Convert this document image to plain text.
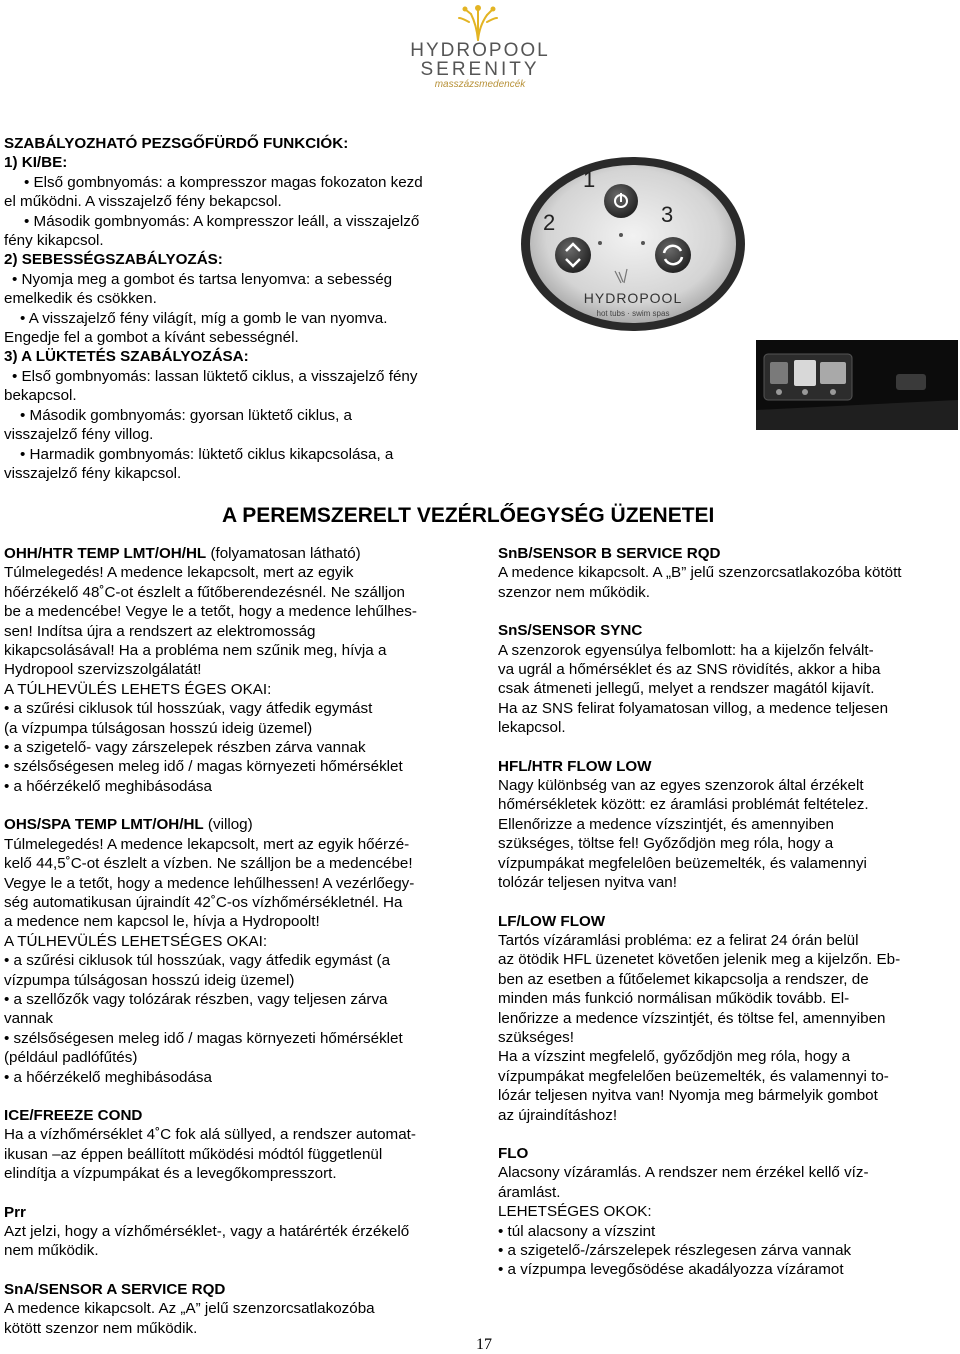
HYDROPOOL
SERENITY
masszázsmedencék

SZABÁLYOZHATÓ PEZSGŐFÜRDŐ FUNKCIÓK:

1) KI/BE:

• Első gombnyomás: a kompresszor magas fokozaton kezd

el működni. A visszajelző fény bekapcsol.

• Második gombnyomás: A kompresszor leáll, a visszajelző

fény kikapcsol.

2) SEBESSÉGSZABÁLYOZÁS:

• Nyomja meg a gombot és tartsa lenyomva: a sebesség

emelkedik és csökken.

• A visszajelző fény világít, míg a gomb le van nyomva.

Engedje fel a gombot a kívánt sebességnél.

3) A LÜKTETÉS SZABÁLYOZÁSA:

• Első gombnyomás: lassan lüktető ciklus, a visszajelző fény

bekapcsol.

• Második gombnyomás: gyorsan lüktető ciklus, a

visszajelző fény villog.

• Harmadik gombnyomás: lüktető ciklus kikapcsolása, a

visszajelző fény kikapcsol.

1
2	3
HYDROPOOL
hot tubs · swim spas
A PEREMSZERELT VEZÉRLŐEGYSÉG ÜZENETEI

OHH/HTR TEMP LMT/OH/HL (folyamatosan látható)

Túlmelegedés! A medence lekapcsolt, mert az egyik

hőérzékelő 48˚C-ot észlelt a fűtőberendezésnél. Ne szálljon

be a medencébe! Vegye le a tetőt, hogy a medence lehűlhes-

sen! Indítsa újra a rendszert az elektromosság

kikapcsolásával! Ha a probléma nem szűnik meg, hívja a

Hydropool szervizszolgálatát!

A TÚLHEVÜLÉS LEHETS ÉGES OKAI:

• a szűrési ciklusok túl hosszúak, vagy átfedik egymást

(a vízpumpa túlságosan hosszú ideig üzemel)

• a szigetelő- vagy zárszelepek részben zárva vannak

• szélsőségesen meleg idő / magas környezeti hőmérséklet

• a hőérzékelő meghibásodása

OHS/SPA TEMP LMT/OH/HL (villog)

Túlmelegedés! A medence lekapcsolt, mert az egyik hőérzé-

kelő 44,5˚C-ot észlelt a vízben. Ne szálljon be a medencébe!

Vegye le a tetőt, hogy a medence lehűlhessen! A vezérlőegy-

ség automatikusan újraindít 42˚C-os vízhőmérsékletnél. Ha

a medence nem kapcsol le, hívja a Hydropoolt!

A TÚLHEVÜLÉS LEHETSÉGES OKAI:

• a szűrési ciklusok túl hosszúak, vagy átfedik egymást (a

vízpumpa túlságosan hosszú ideig üzemel)

• a szellőzők vagy tolózárak részben, vagy teljesen zárva

vannak

• szélsőségesen meleg idő / magas környezeti hőmérséklet

(például padlófűtés)

• a hőérzékelő meghibásodása

ICE/FREEZE COND

Ha a vízhőmérséklet 4˚C fok alá süllyed, a rendszer automat-

ikusan –az éppen beállított működési módtól függetlenül

elindítja a vízpumpákat és a levegőkompresszort.

Prr

Azt jelzi, hogy a vízhőmérséklet-, vagy a határérték érzékelő

nem működik.

SnA/SENSOR A SERVICE RQD

A medence kikapcsolt. Az „A” jelű szenzorcsatlakozóba

kötött szenzor nem működik.

SnB/SENSOR B SERVICE RQD

A medence kikapcsolt. A „B” jelű szenzorcsatlakozóba kötött

szenzor nem működik.

SnS/SENSOR SYNC

A szenzorok egyensúlya felbomlott: ha a kijelzőn felvált-

va ugrál a hőmérséklet és az SNS rövidítés, akkor a hiba

csak átmeneti jellegű, melyet a rendszer magától kijavít.

Ha az SNS felirat folyamatosan villog, a medence teljesen

lekapcsol.

HFL/HTR FLOW LOW

Nagy különbség van az egyes szenzorok által érzékelt

hőmérsékletek között: ez áramlási problémát feltételez.

Ellenőrizze a medence vízszintjét, és amennyiben

szükséges, töltse fel! Győződjön meg róla, hogy a

vízpumpákat megfelelôen beüzemelték, és valamennyi

tolózár teljesen nyitva van!

LF/LOW FLOW

Tartós vízáramlási probléma: ez a felirat 24 órán belül

az ötödik HFL üzenetet követően jelenik meg a kijelzőn. Eb-

ben az esetben a fűtőelemet kikapcsolja a rendszer, de

minden más funkció normálisan működik tovább. El-

lenőrizze a medence vízszintjét, és töltse fel, amennyiben

szükséges!

Ha a vízszint megfelelő, győződjön meg róla, hogy a

vízpumpákat megfelelően beüzemelték, és valamennyi to-

lózár teljesen nyitva van! Nyomja meg bármelyik gombot

az újraindításhoz!

FLO

Alacsony vízáramlás. A rendszer nem érzékel kellő víz-

áramlást.

LEHETSÉGES OKOK:

• túl alacsony a vízszint

• a szigetelő-/zárszelepek részlegesen zárva vannak

• a vízpumpa levegősödése akadályozza vízáramot

17
